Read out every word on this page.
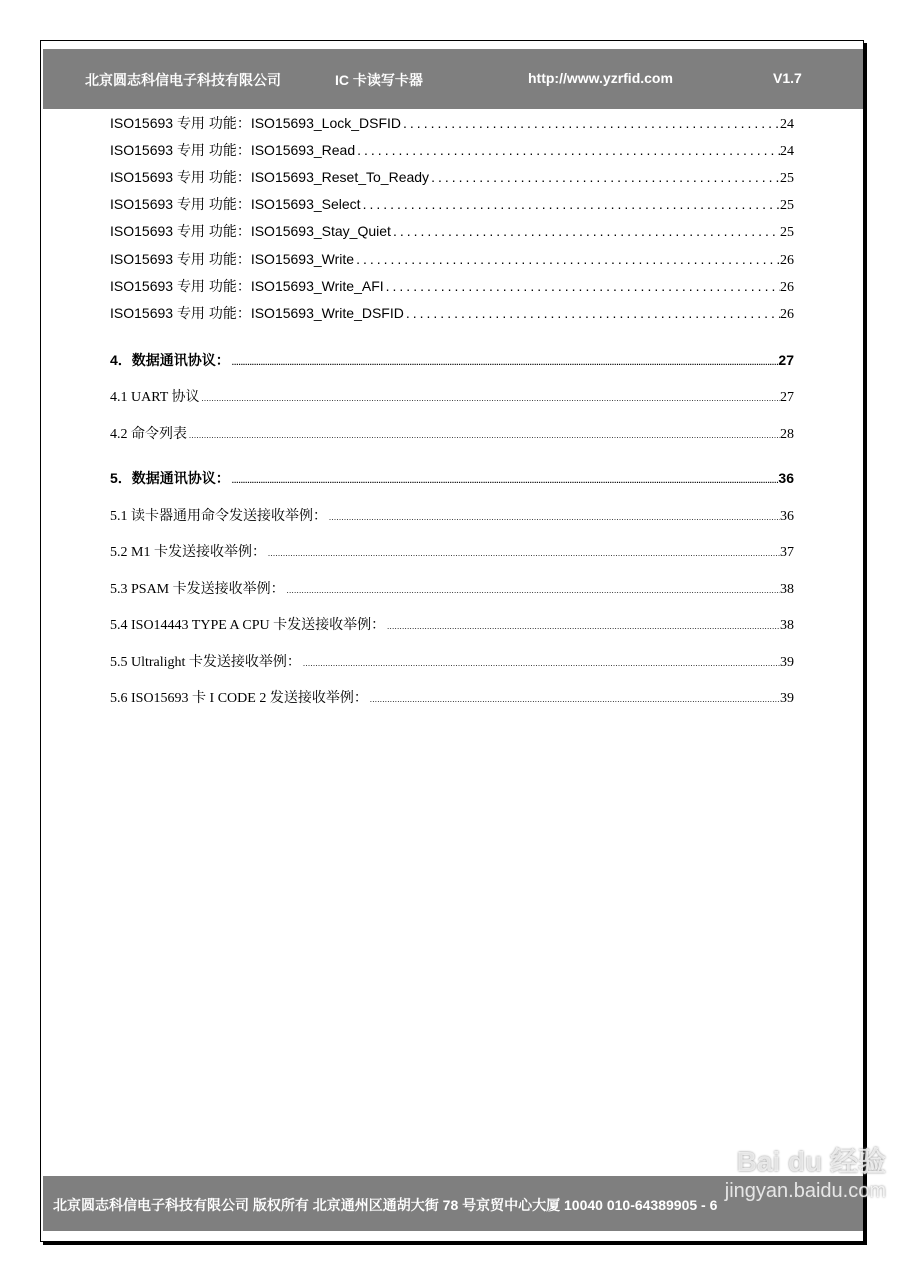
北京圆志科信电子科技有限公司	IC 卡读写卡器	http://www.yzrfid.com	V1.7
北京圆志科信电子科技有限公司 版权所有 北京通州区通胡大街 78 号京贸中心大厦 10040 010-64389905 - 6
Bai du 经验
jingyan.baidu.com
ISO15693 专用 功能：ISO15693_Lock_DSFID .....	24
ISO15693 专用 功能：ISO15693_Read .....	24
ISO15693 专用 功能：ISO15693_Reset_To_Ready .....	25
ISO15693 专用 功能：ISO15693_Select .....	25
ISO15693 专用 功能：ISO15693_Stay_Quiet .....	25
ISO15693 专用 功能：ISO15693_Write .....	26
ISO15693 专用 功能：ISO15693_Write_AFI .....	26
ISO15693 专用 功能：ISO15693_Write_DSFID .....	26
4．数据通讯协议： .....	27
4.1 UART 协议 .....	27
4.2 命令列表 .....	28
5．数据通讯协议： .....	36
5.1 读卡器通用命令发送接收举例： .....	36
5.2 M1 卡发送接收举例： .....	37
5.3 PSAM 卡发送接收举例： .....	38
5.4 ISO14443 TYPE A CPU 卡发送接收举例： .....	38
5.5 Ultralight 卡发送接收举例： .....	39
5.6 ISO15693 卡 I CODE 2 发送接收举例： .....	39
